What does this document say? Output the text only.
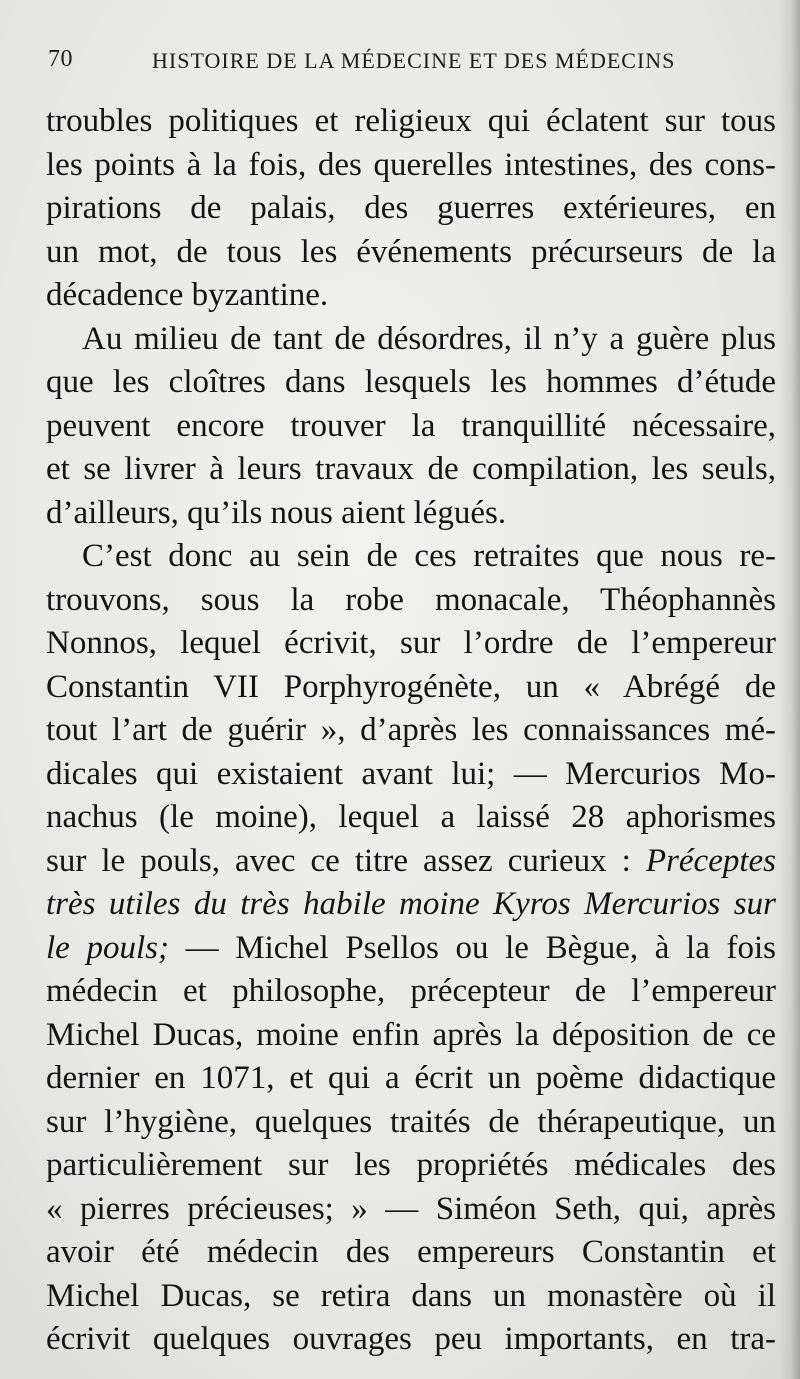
70	HISTOIRE DE LA MÉDECINE ET DES MÉDECINS
troubles politiques et religieux qui éclatent sur tous
les points à la fois, des querelles intestines, des cons-
pirations de palais, des guerres extérieures, en
un mot, de tous les événements précurseurs de la
décadence byzantine.
Au milieu de tant de désordres, il n’y a guère plus
que les cloîtres dans lesquels les hommes d’étude
peuvent encore trouver la tranquillité nécessaire,
et se livrer à leurs travaux de compilation, les seuls,
d’ailleurs, qu’ils nous aient légués.
C’est donc au sein de ces retraites que nous re-
trouvons, sous la robe monacale, Théophannès
Nonnos, lequel écrivit, sur l’ordre de l’empereur
Constantin VII Porphyrogénète, un « Abrégé de
tout l’art de guérir », d’après les connaissances mé-
dicales qui existaient avant lui; — Mercurios Mo-
nachus (le moine), lequel a laissé 28 aphorismes
sur le pouls, avec ce titre assez curieux : Préceptes
très utiles du très habile moine Kyros Mercurios sur
le pouls; — Michel Psellos ou le Bègue, à la fois
médecin et philosophe, précepteur de l’empereur
Michel Ducas, moine enfin après la déposition de ce
dernier en 1071, et qui a écrit un poème didactique
sur l’hygiène, quelques traités de thérapeutique, un
particulièrement sur les propriétés médicales des
« pierres précieuses; » — Siméon Seth, qui, après
avoir été médecin des empereurs Constantin et
Michel Ducas, se retira dans un monastère où il
écrivit quelques ouvrages peu importants, en tra-
